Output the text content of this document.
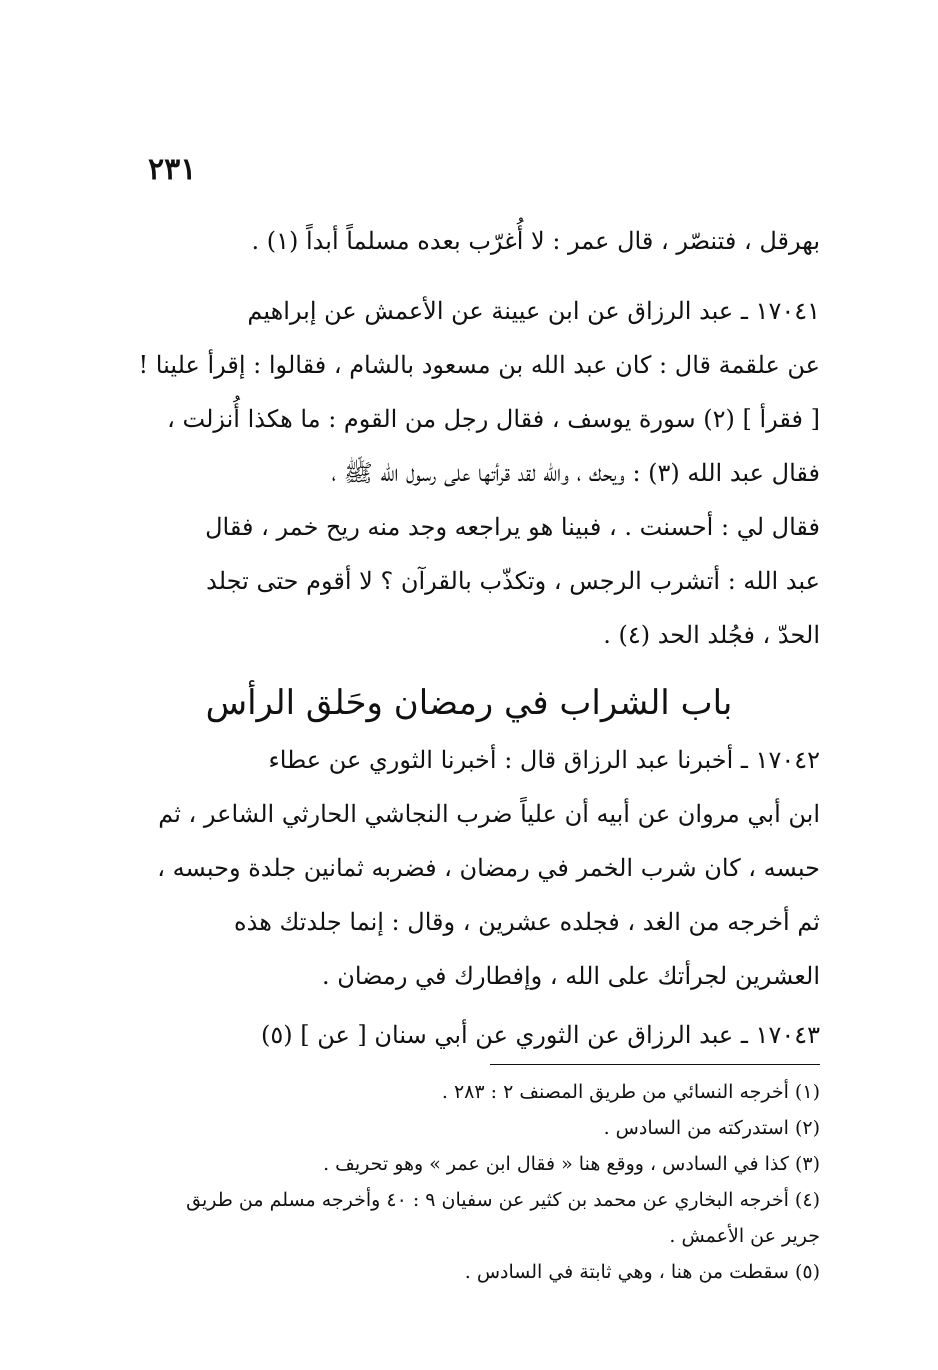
٢٣١
بهرقل ، فتنصّر ، قال عمر : لا أُغرّب بعده مسلماً أبداً (١) .
١٧٠٤١ ـ عبد الرزاق عن ابن عيينة عن الأعمش عن إبراهيم
عن علقمة قال : كان عبد الله بن مسعود بالشام ، فقالوا : إقرأ علينا !
[ فقرأ ] (٢) سورة يوسف ، فقال رجل من القوم : ما هكذا أُنزلت ،
فقال عبد الله (٣) : ويحك ، والله لقد قرأتها على رسول الله ﷺ ،
فقال لي : أحسنت . ، فبينا هو يراجعه وجد منه ريح خمر ، فقال
عبد الله : أتشرب الرجس ، وتكذّب بالقرآن ؟ لا أقوم حتى تجلد
الحدّ ، فجُلد الحد (٤) .
باب الشراب في رمضان وحَلق الرأس
١٧٠٤٢ ـ أخبرنا عبد الرزاق قال : أخبرنا الثوري عن عطاء
ابن أبي مروان عن أبيه أن علياً ضرب النجاشي الحارثي الشاعر ، ثم
حبسه ، كان شرب الخمر في رمضان ، فضربه ثمانين جلدة وحبسه ،
ثم أخرجه من الغد ، فجلده عشرين ، وقال : إنما جلدتك هذه
العشرين لجرأتك على الله ، وإفطارك في رمضان .
١٧٠٤٣ ـ عبد الرزاق عن الثوري عن أبي سنان [ عن ] (٥)
(١) أخرجه النسائي من طريق المصنف ٢ : ٢٨٣ .
(٢) استدركته من السادس .
(٣) كذا في السادس ، ووقع هنا « فقال ابن عمر » وهو تحريف .
(٤) أخرجه البخاري عن محمد بن كثير عن سفيان ٩ : ٤٠ وأخرجه مسلم من طريق
جرير عن الأعمش .
(٥) سقطت من هنا ، وهي ثابتة في السادس .
